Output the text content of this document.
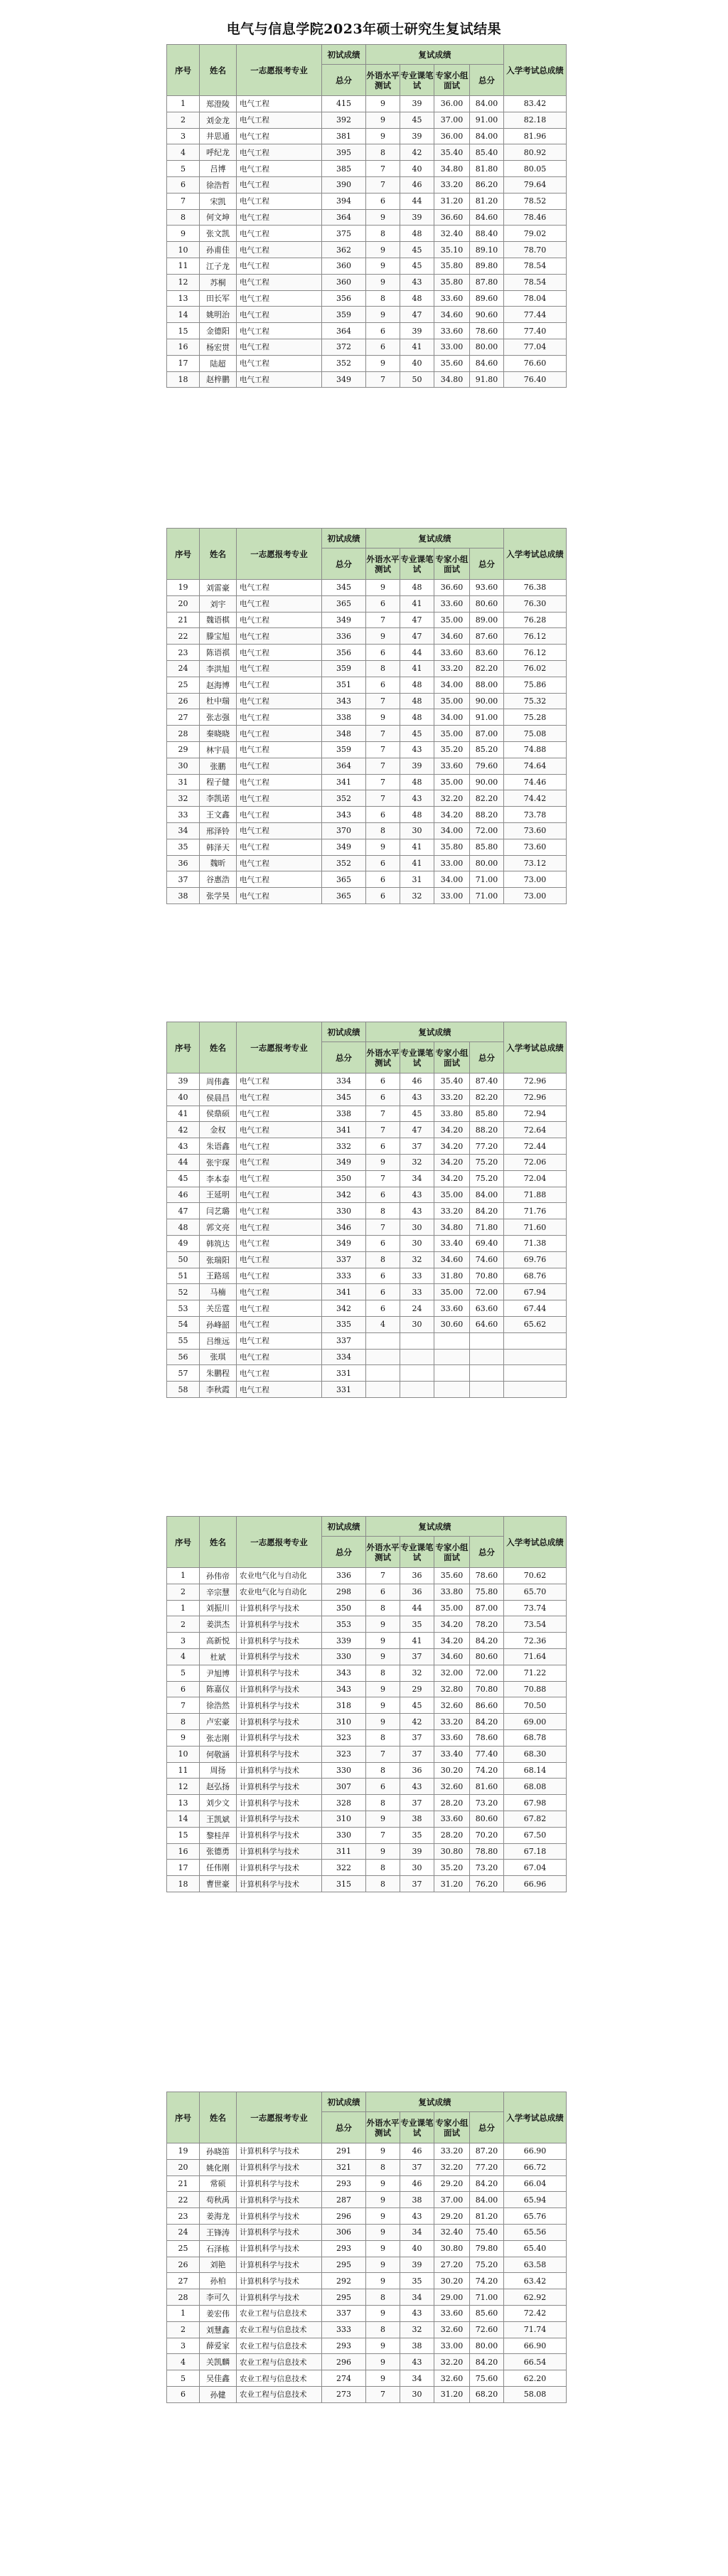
电气与信息学院2023年硕士研究生复试结果
序号	姓名	一志愿报考专业	初试成绩	复试成绩				入学考试总成绩
			总分	外语水平测试	专业课笔试	专家小组面试	总分	
1	郑澄陵	电气工程	415	9	39	36.00	84.00	83.42
2	刘金龙	电气工程	392	9	45	37.00	91.00	82.18
3	井思通	电气工程	381	9	39	36.00	84.00	81.96
4	呼纪龙	电气工程	395	8	42	35.40	85.40	80.92
5	吕博	电气工程	385	7	40	34.80	81.80	80.05
6	徐浩哲	电气工程	390	7	46	33.20	86.20	79.64
7	宋凯	电气工程	394	6	44	31.20	81.20	78.52
8	何文坤	电气工程	364	9	39	36.60	84.60	78.46
9	张文凯	电气工程	375	8	48	32.40	88.40	79.02
10	孙甫佳	电气工程	362	9	45	35.10	89.10	78.70
11	江子龙	电气工程	360	9	45	35.80	89.80	78.54
12	苏桐	电气工程	360	9	43	35.80	87.80	78.54
13	田长军	电气工程	356	8	48	33.60	89.60	78.04
14	姚明治	电气工程	359	9	47	34.60	90.60	77.44
15	金德阳	电气工程	364	6	39	33.60	78.60	77.40
16	杨宏贯	电气工程	372	6	41	33.00	80.00	77.04
17	陆超	电气工程	352	9	40	35.60	84.60	76.60
18	赵梓鹏	电气工程	349	7	50	34.80	91.80	76.40
序号	姓名	一志愿报考专业	初试成绩	复试成绩				入学考试总成绩
			总分	外语水平测试	专业课笔试	专家小组面试	总分	
19	刘雷豪	电气工程	345	9	48	36.60	93.60	76.38
20	刘宇	电气工程	365	6	41	33.60	80.60	76.30
21	魏语棋	电气工程	349	7	47	35.00	89.00	76.28
22	滕宝旭	电气工程	336	9	47	34.60	87.60	76.12
23	陈语祺	电气工程	356	6	44	33.60	83.60	76.12
24	李洪旭	电气工程	359	8	41	33.20	82.20	76.02
25	赵海博	电气工程	351	6	48	34.00	88.00	75.86
26	杜中瑞	电气工程	343	7	48	35.00	90.00	75.32
27	张志强	电气工程	338	9	48	34.00	91.00	75.28
28	秦晓晓	电气工程	348	7	45	35.00	87.00	75.08
29	林宇晨	电气工程	359	7	43	35.20	85.20	74.88
30	张鹏	电气工程	364	7	39	33.60	79.60	74.64
31	程子健	电气工程	341	7	48	35.00	90.00	74.46
32	李凯诺	电气工程	352	7	43	32.20	82.20	74.42
33	王文鑫	电气工程	343	6	48	34.20	88.20	73.78
34	邢泽铃	电气工程	370	8	30	34.00	72.00	73.60
35	韩泽天	电气工程	349	9	41	35.80	85.80	73.60
36	魏昕	电气工程	352	6	41	33.00	80.00	73.12
37	谷惠浩	电气工程	365	6	31	34.00	71.00	73.00
38	张学昊	电气工程	365	6	32	33.00	71.00	73.00
序号	姓名	一志愿报考专业	初试成绩	复试成绩				入学考试总成绩
			总分	外语水平测试	专业课笔试	专家小组面试	总分	
39	周伟鑫	电气工程	334	6	46	35.40	87.40	72.96
40	侯晨昌	电气工程	345	6	43	33.20	82.20	72.96
41	侯鼎硕	电气工程	338	7	45	33.80	85.80	72.94
42	金权	电气工程	341	7	47	34.20	88.20	72.64
43	朱语鑫	电气工程	332	6	37	34.20	77.20	72.44
44	张宇琛	电气工程	349	9	32	34.20	75.20	72.06
45	李本泰	电气工程	350	7	34	34.20	75.20	72.04
46	王延明	电气工程	342	6	43	35.00	84.00	71.88
47	闫艺璐	电气工程	330	8	43	33.20	84.20	71.76
48	郭文亮	电气工程	346	7	30	34.80	71.80	71.60
49	韩筑达	电气工程	349	6	30	33.40	69.40	71.38
50	张瑞阳	电气工程	337	8	32	34.60	74.60	69.76
51	王路瑶	电气工程	333	6	33	31.80	70.80	68.76
52	马楠	电气工程	341	6	33	35.00	72.00	67.94
53	关岳霆	电气工程	342	6	24	33.60	63.60	67.44
54	孙峰韶	电气工程	335	4	30	30.60	64.60	65.62
55	吕维远	电气工程	337					
56	张琪	电气工程	334					
57	朱鹏程	电气工程	331					
58	李秋霞	电气工程	331					
序号	姓名	一志愿报考专业	初试成绩	复试成绩				入学考试总成绩
			总分	外语水平测试	专业课笔试	专家小组面试	总分	
1	孙伟帝	农业电气化与自动化	336	7	36	35.60	78.60	70.62
2	辛宗慧	农业电气化与自动化	298	6	36	33.80	75.80	65.70
1	刘振川	计算机科学与技术	350	8	44	35.00	87.00	73.74
2	姜洪杰	计算机科学与技术	353	9	35	34.20	78.20	73.54
3	高新悦	计算机科学与技术	339	9	41	34.20	84.20	72.36
4	杜斌	计算机科学与技术	330	9	37	34.60	80.60	71.64
5	尹旭博	计算机科学与技术	343	8	32	32.00	72.00	71.22
6	陈嘉仪	计算机科学与技术	343	9	29	32.80	70.80	70.88
7	徐浩然	计算机科学与技术	318	9	45	32.60	86.60	70.50
8	卢宏豪	计算机科学与技术	310	9	42	33.20	84.20	69.00
9	张志刚	计算机科学与技术	323	8	37	33.60	78.60	68.78
10	何敬涵	计算机科学与技术	323	7	37	33.40	77.40	68.30
11	周扬	计算机科学与技术	330	8	36	30.20	74.20	68.14
12	赵弘扬	计算机科学与技术	307	6	43	32.60	81.60	68.08
13	刘少文	计算机科学与技术	328	8	37	28.20	73.20	67.98
14	王凯斌	计算机科学与技术	310	9	38	33.60	80.60	67.82
15	黎桂萍	计算机科学与技术	330	7	35	28.20	70.20	67.50
16	张德勇	计算机科学与技术	311	9	39	30.80	78.80	67.18
17	任伟刚	计算机科学与技术	322	8	30	35.20	73.20	67.04
18	曹世豪	计算机科学与技术	315	8	37	31.20	76.20	66.96
序号	姓名	一志愿报考专业	初试成绩	复试成绩				入学考试总成绩
			总分	外语水平测试	专业课笔试	专家小组面试	总分	
19	孙晓笛	计算机科学与技术	291	9	46	33.20	87.20	66.90
20	姚化刚	计算机科学与技术	321	8	37	32.20	77.20	66.72
21	常硕	计算机科学与技术	293	9	46	29.20	84.20	66.04
22	苟秋禹	计算机科学与技术	287	9	38	37.00	84.00	65.94
23	姜海龙	计算机科学与技术	296	9	43	29.20	81.20	65.76
24	王锋涛	计算机科学与技术	306	9	34	32.40	75.40	65.56
25	石泽栋	计算机科学与技术	293	9	40	30.80	79.80	65.40
26	刘艳	计算机科学与技术	295	9	39	27.20	75.20	63.58
27	孙柏	计算机科学与技术	292	9	35	30.20	74.20	63.42
28	李可久	计算机科学与技术	295	8	34	29.00	71.00	62.92
1	姜宏伟	农业工程与信息技术	337	9	43	33.60	85.60	72.42
2	刘慧鑫	农业工程与信息技术	333	8	32	32.60	72.60	71.74
3	薛爱家	农业工程与信息技术	293	9	38	33.00	80.00	66.90
4	关凯麟	农业工程与信息技术	296	9	43	32.20	84.20	66.54
5	吴佳鑫	农业工程与信息技术	274	9	34	32.60	75.60	62.20
6	孙健	农业工程与信息技术	273	7	30	31.20	68.20	58.08
